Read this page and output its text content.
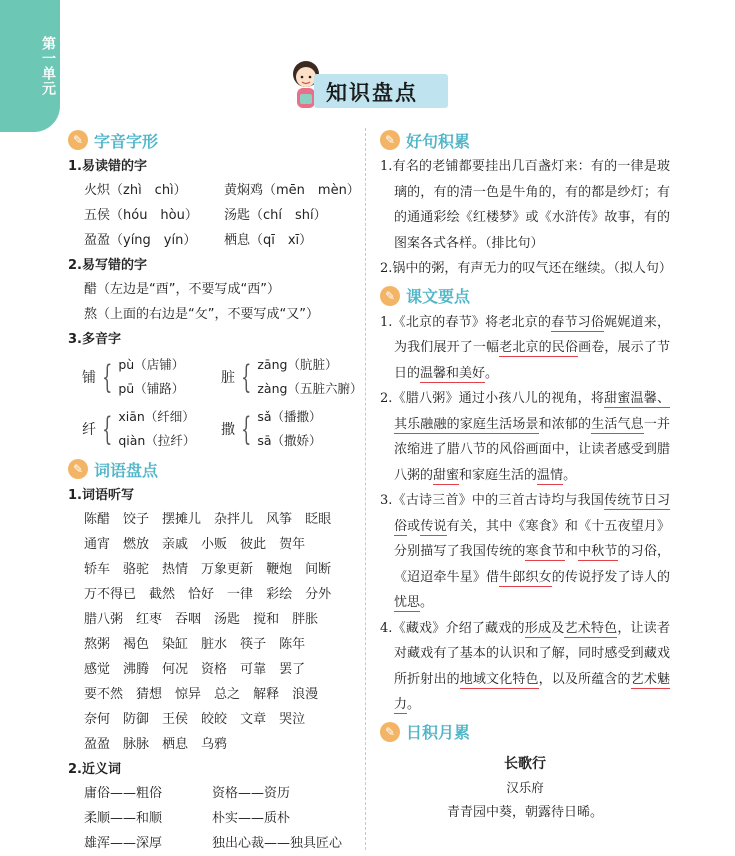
第一单元	知识盘点
✎ 字音字形
1.易读错的字
火炽（zhì　chì）	黄焖鸡（mēn　mèn）
五侯（hóu　hòu）	汤匙（chí　shí）
盈盈（yíng　yín）	栖息（qī　xī）
2.易写错的字
醋（左边是“酉”，不要写成“西”）
熬（上面的右边是“攵”，不要写成“又”）
3.多音字
铺 { pù（店铺）
pū（铺路）
脏 { zāng（肮脏）
zàng（五脏六腑）
纤 { xiān（纤细）
qiàn（拉纤）
撒 { sǎ（播撒）
sā（撒娇）
✎ 词语盘点
1.词语听写
陈醋 饺子 摆摊儿 杂拌儿 风筝 眨眼
通宵 燃放 亲戚 小贩 彼此 贺年
轿车 骆驼 热情 万象更新 鞭炮 间断
万不得已 截然 恰好 一律 彩绘 分外
腊八粥 红枣 吞咽 汤匙 搅和 胖胀
熬粥 褐色 染缸 脏水 筷子 陈年
感觉 沸腾 何况 资格 可靠 罢了
要不然 猜想 惊异 总之 解释 浪漫
奈何 防御 王侯 皎皎 文章 哭泣
盈盈 脉脉 栖息 乌鸦
2.近义词
庸俗——粗俗	资格——资历
柔顺——和顺	朴实——质朴
雄浑——深厚	独出心裁——独具匠心
✎ 好句积累
1.有名的老铺都要挂出几百盏灯来：有的一律是玻璃的，有的清一色是牛角的，有的都是纱灯；有的通通彩绘《红楼梦》或《水浒传》故事，有的图案各式各样。（排比句）
2.锅中的粥，有声无力的叹气还在继续。（拟人句）
✎ 课文要点
1.《北京的春节》将老北京的春节习俗娓娓道来，为我们展开了一幅老北京的民俗画卷，展示了节日的温馨和美好。
2.《腊八粥》通过小孩八儿的视角，将甜蜜温馨、其乐融融的家庭生活场景和浓郁的生活气息一并浓缩进了腊八节的风俗画面中，让读者感受到腊八粥的甜蜜和家庭生活的温情。
3.《古诗三首》中的三首古诗均与我国传统节日习俗或传说有关，其中《寒食》和《十五夜望月》分别描写了我国传统的寒食节和中秋节的习俗，《迢迢牵牛星》借牛郎织女的传说抒发了诗人的忧思。
4.《藏戏》介绍了藏戏的形成及艺术特色，让读者对藏戏有了基本的认识和了解，同时感受到藏戏所折射出的地域文化特色，以及所蕴含的艺术魅力。
✎ 日积月累
长歌行
汉乐府
青青园中葵，朝露待日晞。
